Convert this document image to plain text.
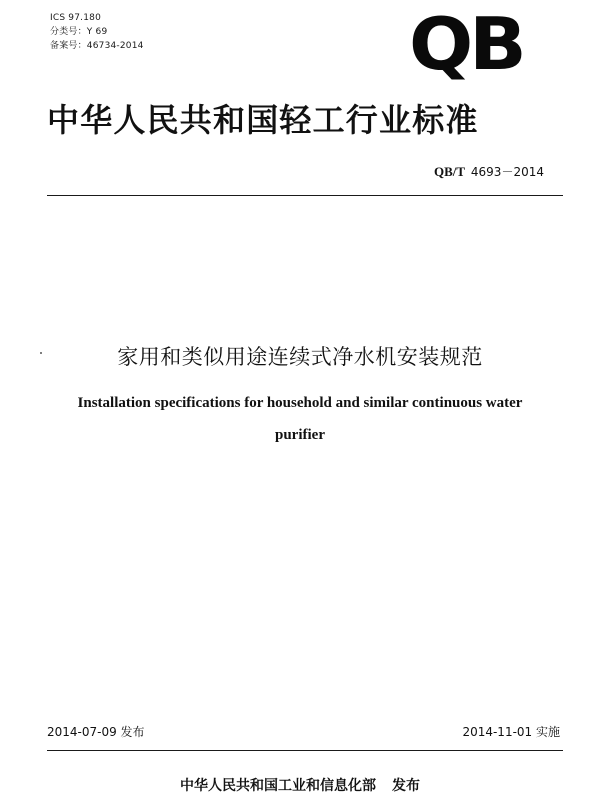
ICS 97.180
分类号：Y 69
备案号：46734-2014	QB
中华人民共和国轻工行业标准
QB/T 4693－2014
家用和类似用途连续式净水机安装规范
Installation specifications for household and similar continuous water
purifier
2014-07-09 发布	2014-11-01 实施
中华人民共和国工业和信息化部 发布
